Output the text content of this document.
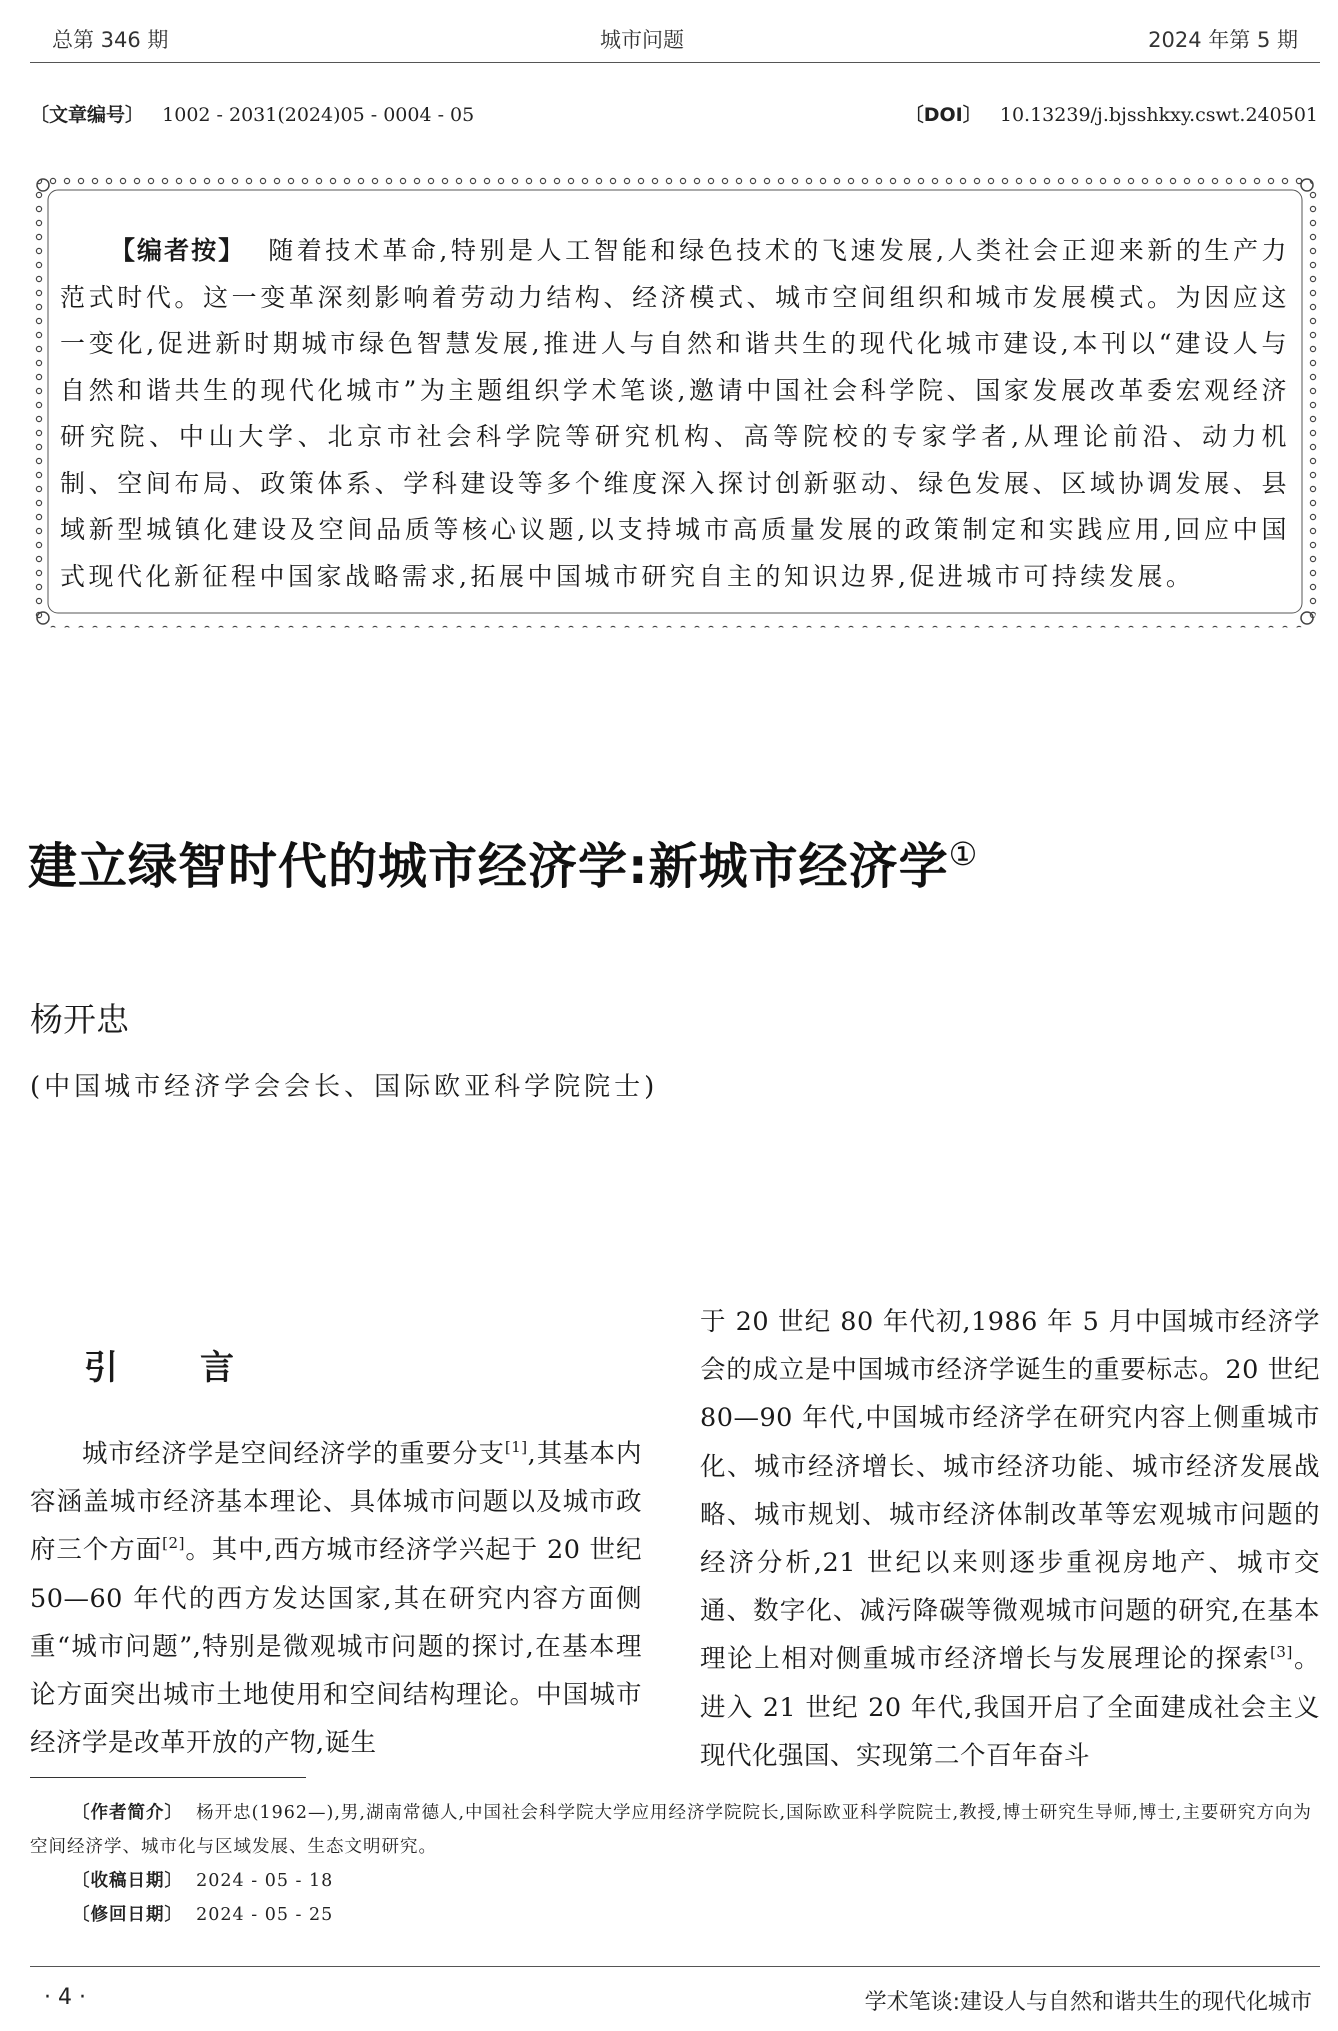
总第 346 期	城市问题	2024 年第 5 期
〔文章编号〕 1002 - 2031(2024)05 - 0004 - 05	〔DOI〕 10.13239/j.bjsshkxy.cswt.240501
【编者按】 随着技术革命,特别是人工智能和绿色技术的飞速发展,人类社会正迎来新的生产力范式时代。这一变革深刻影响着劳动力结构、经济模式、城市空间组织和城市发展模式。为因应这一变化,促进新时期城市绿色智慧发展,推进人与自然和谐共生的现代化城市建设,本刊以“建设人与自然和谐共生的现代化城市”为主题组织学术笔谈,邀请中国社会科学院、国家发展改革委宏观经济研究院、中山大学、北京市社会科学院等研究机构、高等院校的专家学者,从理论前沿、动力机制、空间布局、政策体系、学科建设等多个维度深入探讨创新驱动、绿色发展、区域协调发展、县域新型城镇化建设及空间品质等核心议题,以支持城市高质量发展的政策制定和实践应用,回应中国式现代化新征程中国家战略需求,拓展中国城市研究自主的知识边界,促进城市可持续发展。
建立绿智时代的城市经济学:新城市经济学①
杨开忠
(中国城市经济学会会长、国际欧亚科学院院士)
引　言
城市经济学是空间经济学的重要分支[1],其基本内容涵盖城市经济基本理论、具体城市问题以及城市政府三个方面[2]。其中,西方城市经济学兴起于 20 世纪 50—60 年代的西方发达国家,其在研究内容方面侧重“城市问题”,特别是微观城市问题的探讨,在基本理论方面突出城市土地使用和空间结构理论。中国城市经济学是改革开放的产物,诞生
于 20 世纪 80 年代初,1986 年 5 月中国城市经济学会的成立是中国城市经济学诞生的重要标志。20 世纪 80—90 年代,中国城市经济学在研究内容上侧重城市化、城市经济增长、城市经济功能、城市经济发展战略、城市规划、城市经济体制改革等宏观城市问题的经济分析,21 世纪以来则逐步重视房地产、城市交通、数字化、减污降碳等微观城市问题的研究,在基本理论上相对侧重城市经济增长与发展理论的探索[3]。进入 21 世纪 20 年代,我国开启了全面建成社会主义现代化强国、实现第二个百年奋斗
〔作者简介〕 杨开忠(1962—),男,湖南常德人,中国社会科学院大学应用经济学院院长,国际欧亚科学院院士,教授,博士研究生导师,博士,主要研究方向为空间经济学、城市化与区域发展、生态文明研究。
〔收稿日期〕 2024 - 05 - 18
〔修回日期〕 2024 - 05 - 25
· 4 ·	学术笔谈:建设人与自然和谐共生的现代化城市
